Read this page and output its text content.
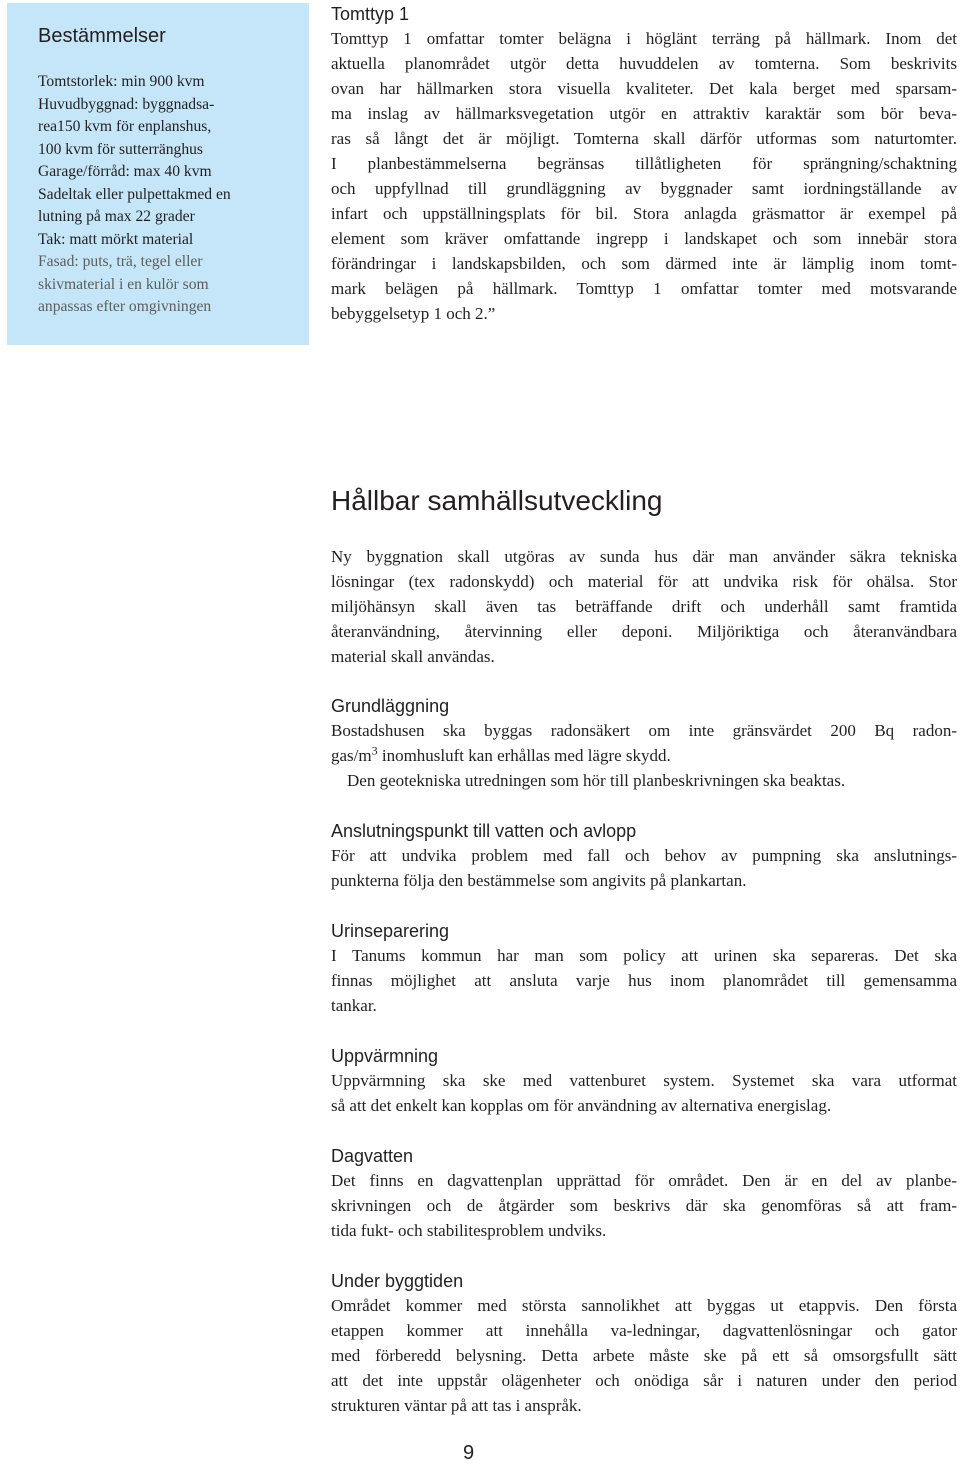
Bestämmelser
Tomtstorlek: min 900 kvm
Huvudbyggnad: byggnadsa-
rea150 kvm för enplanshus,
100 kvm för sutterränghus
Garage/förråd: max 40 kvm
Sadeltak eller pulpettakmed en
lutning på max 22 grader
Tak: matt mörkt material
Fasad: puts, trä, tegel eller
skivmaterial i en kulör som
anpassas efter omgivningen
Tomttyp 1

Tomttyp 1 omfattar tomter belägna i höglänt terräng på hällmark. Inom det
aktuella planområdet utgör detta huvuddelen av tomterna. Som beskrivits
ovan har hällmarken stora visuella kvaliteter. Det kala berget med sparsam-
ma inslag av hällmarksvegetation utgör en attraktiv karaktär som bör beva-
ras så långt det är möjligt. Tomterna skall därför utformas som naturtomter.
I planbestämmelserna begränsas tillåtligheten för sprängning/schaktning
och uppfyllnad till grundläggning av byggnader samt iordningställande av
infart och uppställningsplats för bil. Stora anlagda gräsmattor är exempel på
element som kräver omfattande ingrepp i landskapet och som innebär stora
förändringar i landskapsbilden, och som därmed inte är lämplig inom tomt-
mark belägen på hällmark. Tomttyp 1 omfattar tomter med motsvarande
bebyggelsetyp 1 och 2.”

Hållbar samhällsutveckling

Ny byggnation skall utgöras av sunda hus där man använder säkra tekniska
lösningar (tex radonskydd) och material för att undvika risk för ohälsa. Stor
miljöhänsyn skall även tas beträffande drift och underhåll samt framtida
återanvändning, återvinning eller deponi. Miljöriktiga och återanvändbara
material skall användas.

Grundläggning

Bostadshusen ska byggas radonsäkert om inte gränsvärdet 200 Bq radon-
gas/$m^3$ inomhusluft kan erhållas med lägre skydd.
Den geotekniska utredningen som hör till planbeskrivningen ska beaktas.

Anslutningspunkt till vatten och avlopp

För att undvika problem med fall och behov av pumpning ska anslutnings-
punkterna följa den bestämmelse som angivits på plankartan.

Urinseparering

I Tanums kommun har man som policy att urinen ska separeras. Det ska
finnas möjlighet att ansluta varje hus inom planområdet till gemensamma
tankar.

Uppvärmning

Uppvärmning ska ske med vattenburet system. Systemet ska vara utformat
så att det enkelt kan kopplas om för användning av alternativa energislag.

Dagvatten

Det finns en dagvattenplan upprättad för området. Den är en del av planbe-
skrivningen och de åtgärder som beskrivs där ska genomföras så att fram-
tida fukt- och stabilitesproblem undviks.

Under byggtiden

Området kommer med största sannolikhet att byggas ut etappvis. Den första
etappen kommer att innehålla va-ledningar, dagvattenlösningar och gator
med förberedd belysning. Detta arbete måste ske på ett så omsorgsfullt sätt
att det inte uppstår olägenheter och onödiga sår i naturen under den period
strukturen väntar på att tas i anspråk.

9
